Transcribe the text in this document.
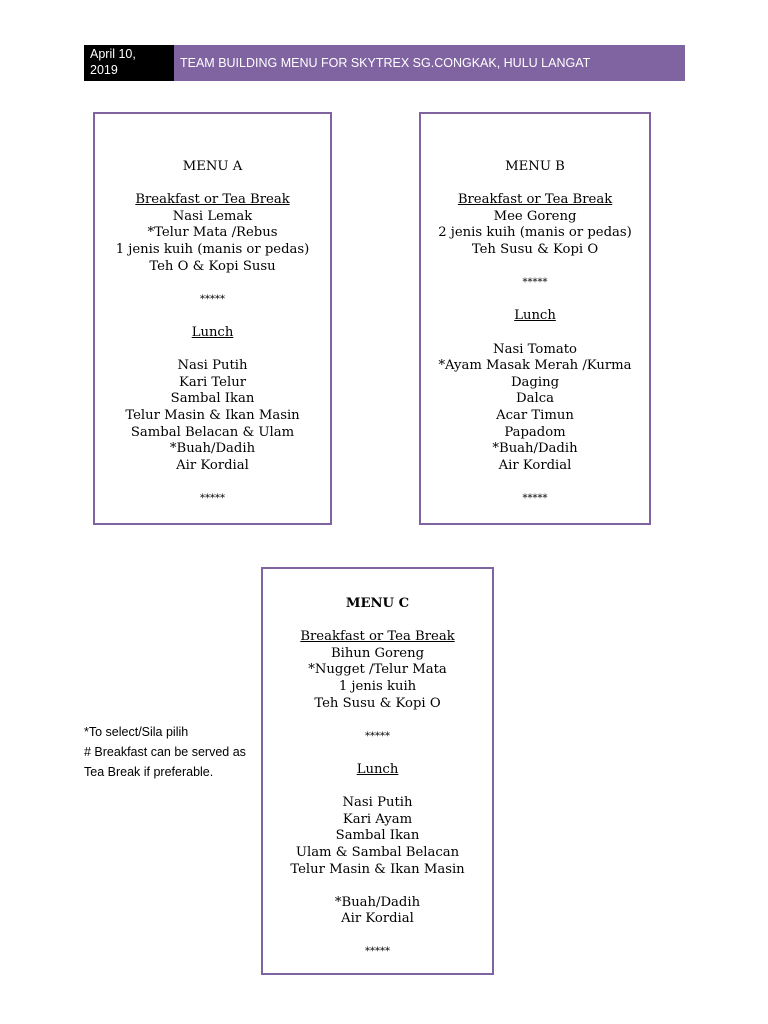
April 10,
2019	TEAM BUILDING MENU FOR SKYTREX SG.CONGKAK, HULU LANGAT
MENU A
Breakfast or Tea Break
Nasi Lemak
*Telur Mata /Rebus
1 jenis kuih (manis or pedas)
Teh O & Kopi Susu
*****
Lunch
Nasi Putih
Kari Telur
Sambal Ikan
Telur Masin & Ikan Masin
Sambal Belacan & Ulam
*Buah/Dadih
Air Kordial
*****
MENU B
Breakfast or Tea Break
Mee Goreng
2 jenis kuih (manis or pedas)
Teh Susu & Kopi O
*****
Lunch
Nasi Tomato
*Ayam Masak Merah /Kurma
Daging
Dalca
Acar Timun
Papadom
*Buah/Dadih
Air Kordial
*****
MENU C
Breakfast or Tea Break
Bihun Goreng
*Nugget /Telur Mata
1 jenis kuih
Teh Susu & Kopi O
*****
Lunch
Nasi Putih
Kari Ayam
Sambal Ikan
Ulam & Sambal Belacan
Telur Masin & Ikan Masin
*Buah/Dadih
Air Kordial
*****
*To select/Sila pilih
# Breakfast can be served as
Tea Break if preferable.
